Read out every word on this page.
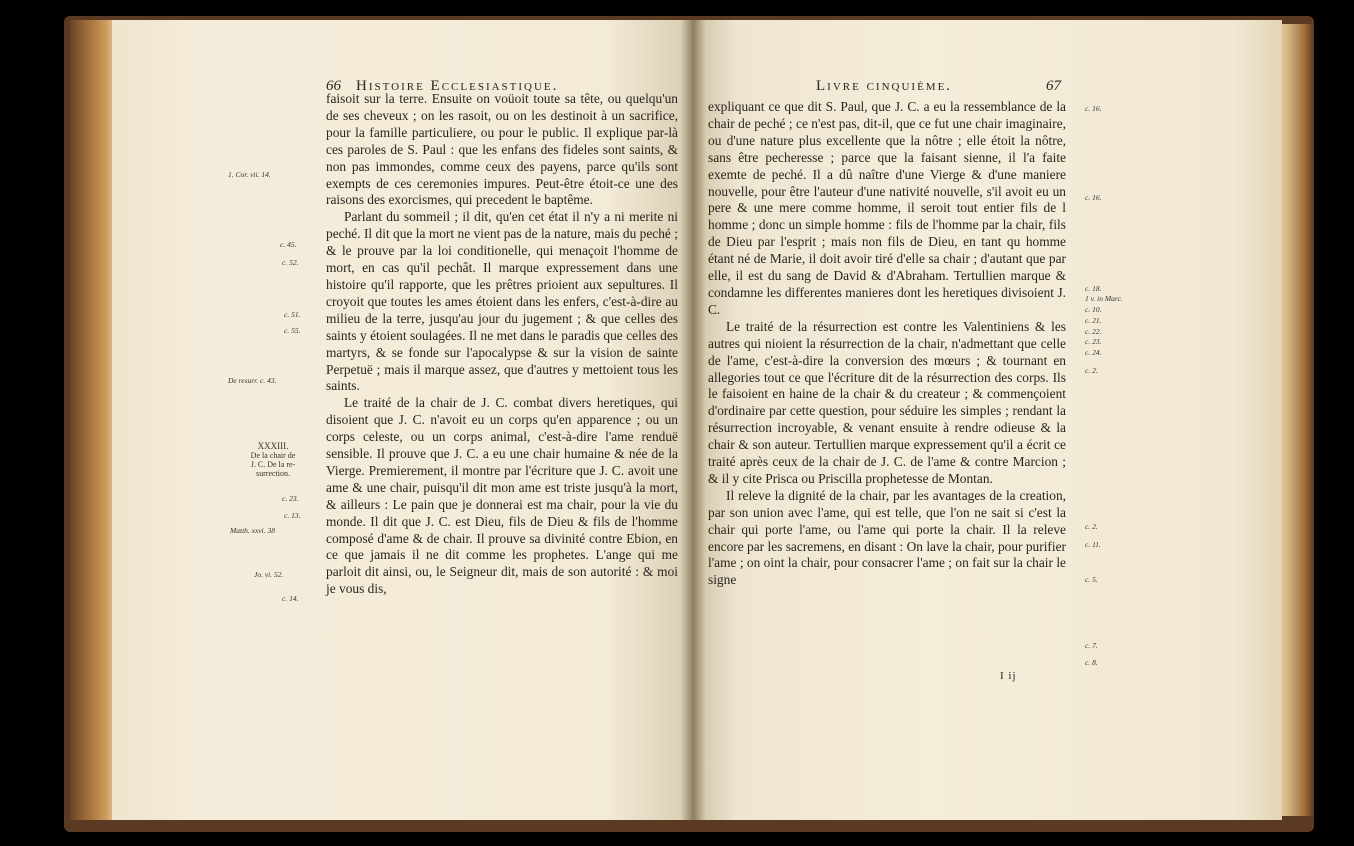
66 Histoire Ecclesiastique.

faisoit sur la terre. Ensuite on voüoit toute sa tête, ou quelqu'un de ses cheveux ; on les rasoit, ou on les destinoit à un sacrifice, pour la famille particuliere, ou pour le public. Il explique par-là ces paroles de S. Paul : que les enfans des fideles sont saints, & non pas immondes, comme ceux des payens, parce qu'ils sont exempts de ces ceremonies impures. Peut-être étoit-ce une des raisons des exorcismes, qui precedent le baptême.

Parlant du sommeil ; il dit, qu'en cet état il n'y a ni merite ni peché. Il dit que la mort ne vient pas de la nature, mais du peché ; & le prouve par la loi conditionelle, qui menaçoit l'homme de mort, en cas qu'il pechât. Il marque expressement dans une histoire qu'il rapporte, que les prêtres prioient aux sepultures. Il croyoit que toutes les ames étoient dans les enfers, c'est-à-dire au milieu de la terre, jusqu'au jour du jugement ; & que celles des saints y étoient soulagées. Il ne met dans le paradis que celles des martyrs, & se fonde sur l'apocalypse & sur la vision de sainte Perpetuë ; mais il marque assez, que d'autres y mettoient tous les saints.

Le traité de la chair de J. C. combat divers heretiques, qui disoient que J. C. n'avoit eu un corps qu'en apparence ; ou un corps celeste, ou un corps animal, c'est-à-dire l'ame renduë sensible. Il prouve que J. C. a eu une chair humaine & née de la Vierge. Premierement, il montre par l'écriture que J. C. avoit une ame & une chair, puisqu'il dit mon ame est triste jusqu'à la mort, & ailleurs : Le pain que je donnerai est ma chair, pour la vie du monde. Il dit que J. C. est Dieu, fils de Dieu & fils de l'homme composé d'ame & de chair. Il prouve sa divinité contre Ebion, en ce que jamais il ne dit comme les prophetes. L'ange qui me parloit dit ainsi, ou, le Seigneur dit, mais de son autorité : & moi je vous dis,

1. Cor. vii. 14.
c. 45.
c. 52.
c. 51.
c. 55.
De resurr. c. 43.
XXXIII.
De la chair de
J. C. De la re-
surrection.
c. 23.
c. 13.
Matth. xxvi. 38
Jo. vi. 52.
c. 14.
Livre cinquième.	67

expliquant ce que dit S. Paul, que J. C. a eu la ressemblance de la chair de peché ; ce n'est pas, dit-il, que ce fut une chair imaginaire, ou d'une nature plus excellente que la nôtre ; elle étoit la nôtre, sans être pecheresse ; parce que la faisant sienne, il l'a faite exemte de peché. Il a dû naître d'une Vierge & d'une maniere nouvelle, pour être l'auteur d'une nativité nouvelle, s'il avoit eu un pere & une mere comme homme, il seroit tout entier fils de l homme ; donc un simple homme : fils de l'homme par la chair, fils de Dieu par l'esprit ; mais non fils de Dieu, en tant qu homme étant né de Marie, il doit avoir tiré d'elle sa chair ; d'autant que par elle, il est du sang de David & d'Abraham. Tertullien marque & condamne les differentes manieres dont les heretiques divisoient J. C.

Le traité de la résurrection est contre les Valentiniens & les autres qui nioient la résurrection de la chair, n'admettant que celle de l'ame, c'est-à-dire la conversion des mœurs ; & tournant en allegories tout ce que l'écriture dit de la résurrection des corps. Ils le faisoient en haine de la chair & du createur ; & commençoient d'ordinaire par cette question, pour séduire les simples ; rendant la résurrection incroyable, & venant ensuite à rendre odieuse & la chair & son auteur. Tertullien marque expressement qu'il a écrit ce traité après ceux de la chair de J. C. de l'ame & contre Marcion ; & il y cite Prisca ou Priscilla prophetesse de Montan.

Il releve la dignité de la chair, par les avantages de la creation, par son union avec l'ame, qui est telle, que l'on ne sait si c'est la chair qui porte l'ame, ou l'ame qui porte la chair. Il la releve encore par les sacremens, en disant : On lave la chair, pour purifier l'ame ; on oint la chair, pour consacrer l'ame ; on fait sur la chair le signe

c. 16.
c. 16.
c. 18.
1 v. in Marc.
c. 10.
c. 21.
c. 22.
c. 23.
c. 24.
c. 2.
c. 2.
c. 11.
c. 5.
c. 7.
c. 8.
I ij
